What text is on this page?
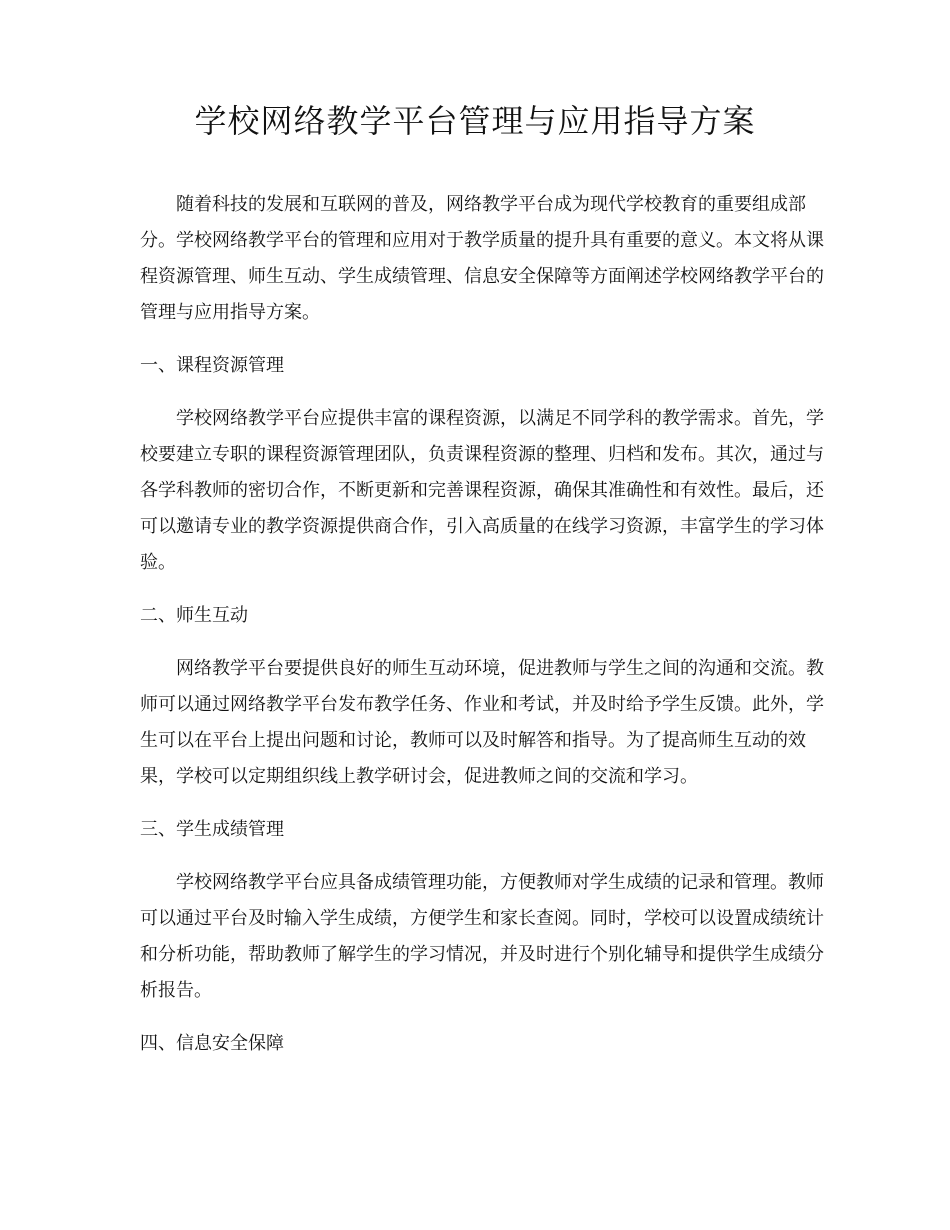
学校网络教学平台管理与应用指导方案

随着科技的发展和互联网的普及，网络教学平台成为现代学校教育的重要组成部分。学校网络教学平台的管理和应用对于教学质量的提升具有重要的意义。本文将从课程资源管理、师生互动、学生成绩管理、信息安全保障等方面阐述学校网络教学平台的管理与应用指导方案。

一、课程资源管理

学校网络教学平台应提供丰富的课程资源，以满足不同学科的教学需求。首先，学校要建立专职的课程资源管理团队，负责课程资源的整理、归档和发布。其次，通过与各学科教师的密切合作，不断更新和完善课程资源，确保其准确性和有效性。最后，还可以邀请专业的教学资源提供商合作，引入高质量的在线学习资源，丰富学生的学习体验。

二、师生互动

网络教学平台要提供良好的师生互动环境，促进教师与学生之间的沟通和交流。教师可以通过网络教学平台发布教学任务、作业和考试，并及时给予学生反馈。此外，学生可以在平台上提出问题和讨论，教师可以及时解答和指导。为了提高师生互动的效果，学校可以定期组织线上教学研讨会，促进教师之间的交流和学习。

三、学生成绩管理

学校网络教学平台应具备成绩管理功能，方便教师对学生成绩的记录和管理。教师可以通过平台及时输入学生成绩，方便学生和家长查阅。同时，学校可以设置成绩统计和分析功能，帮助教师了解学生的学习情况，并及时进行个别化辅导和提供学生成绩分析报告。

四、信息安全保障
